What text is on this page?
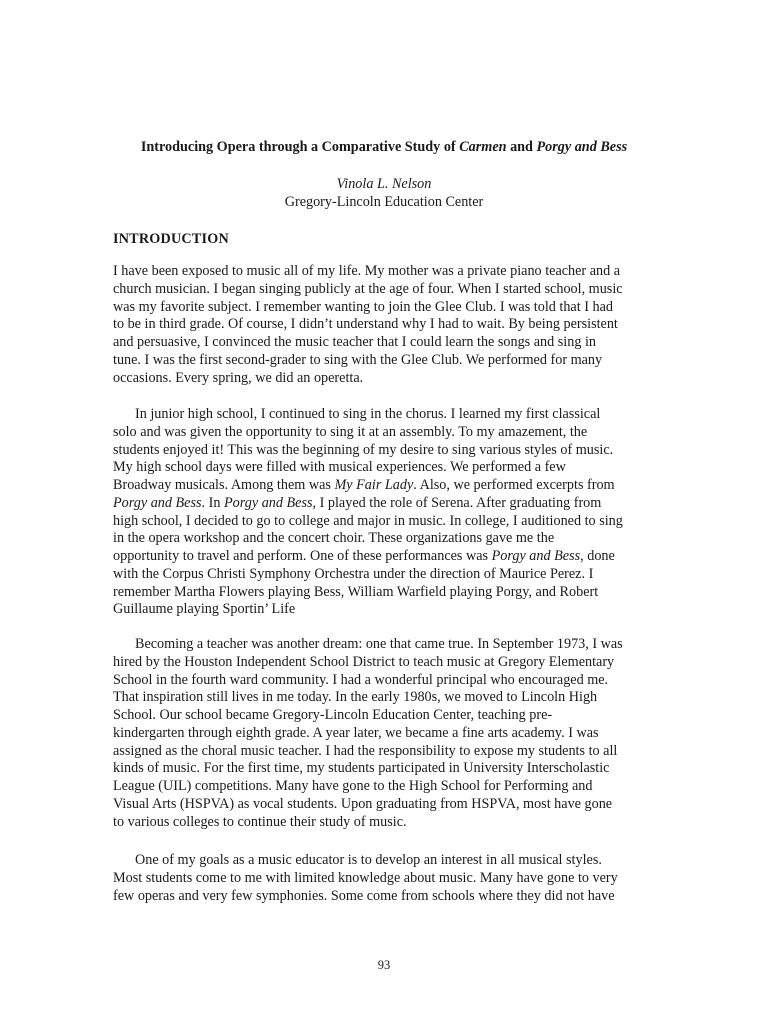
Introducing Opera through a Comparative Study of Carmen and Porgy and Bess
Vinola L. Nelson
Gregory-Lincoln Education Center
INTRODUCTION
I have been exposed to music all of my life. My mother was a private piano teacher and a
church musician. I began singing publicly at the age of four. When I started school, music
was my favorite subject. I remember wanting to join the Glee Club. I was told that I had
to be in third grade. Of course, I didn’t understand why I had to wait. By being persistent
and persuasive, I convinced the music teacher that I could learn the songs and sing in
tune. I was the first second-grader to sing with the Glee Club. We performed for many
occasions. Every spring, we did an operetta.
In junior high school, I continued to sing in the chorus. I learned my first classical
solo and was given the opportunity to sing it at an assembly. To my amazement, the
students enjoyed it! This was the beginning of my desire to sing various styles of music.
My high school days were filled with musical experiences. We performed a few
Broadway musicals. Among them was My Fair Lady. Also, we performed excerpts from
Porgy and Bess. In Porgy and Bess, I played the role of Serena. After graduating from
high school, I decided to go to college and major in music. In college, I auditioned to sing
in the opera workshop and the concert choir. These organizations gave me the
opportunity to travel and perform. One of these performances was Porgy and Bess, done
with the Corpus Christi Symphony Orchestra under the direction of Maurice Perez. I
remember Martha Flowers playing Bess, William Warfield playing Porgy, and Robert
Guillaume playing Sportin’ Life
Becoming a teacher was another dream: one that came true. In September 1973, I was
hired by the Houston Independent School District to teach music at Gregory Elementary
School in the fourth ward community. I had a wonderful principal who encouraged me.
That inspiration still lives in me today. In the early 1980s, we moved to Lincoln High
School. Our school became Gregory-Lincoln Education Center, teaching pre-
kindergarten through eighth grade. A year later, we became a fine arts academy. I was
assigned as the choral music teacher. I had the responsibility to expose my students to all
kinds of music. For the first time, my students participated in University Interscholastic
League (UIL) competitions. Many have gone to the High School for Performing and
Visual Arts (HSPVA) as vocal students. Upon graduating from HSPVA, most have gone
to various colleges to continue their study of music.
One of my goals as a music educator is to develop an interest in all musical styles.
Most students come to me with limited knowledge about music. Many have gone to very
few operas and very few symphonies. Some come from schools where they did not have
93
